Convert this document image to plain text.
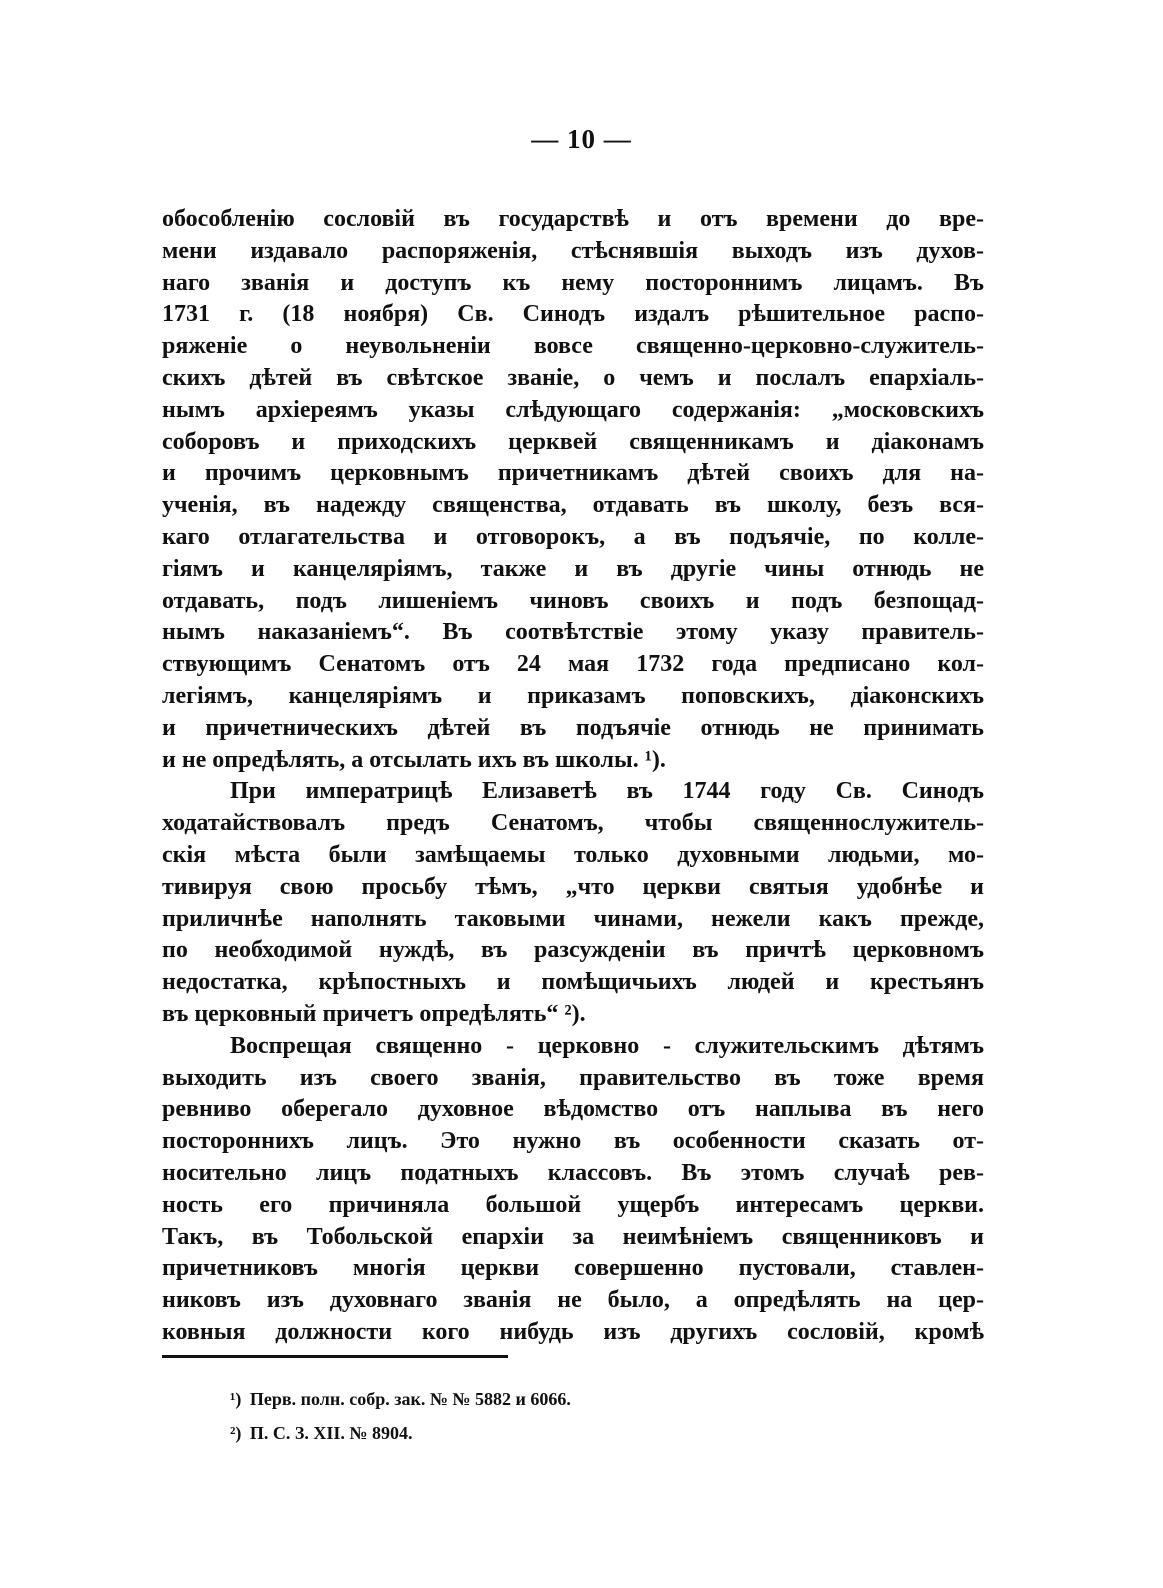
— 10 —
обособленію сословій въ государствѣ и отъ времени до вре-
мени издавало распоряженія, стѣснявшія выходъ изъ духов-
наго званія и доступъ къ нему постороннимъ лицамъ. Въ
1731 г. (18 ноября) Св. Синодъ издалъ рѣшительное распо-
ряженіе о неувольненіи вовсе священно-церковно-служитель-
скихъ дѣтей въ свѣтское званіе, о чемъ и послалъ епархіаль-
нымъ архіереямъ указы слѣдующаго содержанія: „московскихъ
соборовъ и приходскихъ церквей священникамъ и діаконамъ
и прочимъ церковнымъ причетникамъ дѣтей своихъ для на-
ученія, въ надежду священства, отдавать въ школу, безъ вся-
каго отлагательства и отговорокъ, а въ подъячіе, по колле-
гіямъ и канцеляріямъ, также и въ другіе чины отнюдь не
отдавать, подъ лишеніемъ чиновъ своихъ и подъ безпощад-
нымъ наказаніемъ“. Въ соотвѣтствіе этому указу правитель-
ствующимъ Сенатомъ отъ 24 мая 1732 года предписано кол-
легіямъ, канцеляріямъ и приказамъ поповскихъ, діаконскихъ
и причетническихъ дѣтей въ подъячіе отнюдь не принимать
и не опредѣлять, а отсылать ихъ въ школы. ¹).
При императрицѣ Елизаветѣ въ 1744 году Св. Синодъ
ходатайствовалъ предъ Сенатомъ, чтобы священнослужитель-
скія мѣста были замѣщаемы только духовными людьми, мо-
тивируя свою просьбу тѣмъ, „что церкви святыя удобнѣе и
приличнѣе наполнять таковыми чинами, нежели какъ прежде,
по необходимой нуждѣ, въ разсужденіи въ причтѣ церковномъ
недостатка, крѣпостныхъ и помѣщичьихъ людей и крестьянъ
въ церковный причетъ опредѣлять“ ²).
Воспрещая священно - церковно - служительскимъ дѣтямъ
выходить изъ своего званія, правительство въ тоже время
ревниво оберегало духовное вѣдомство отъ наплыва въ него
постороннихъ лицъ. Это нужно въ особенности сказать от-
носительно лицъ податныхъ классовъ. Въ этомъ случаѣ рев-
ность его причиняла большой ущербъ интересамъ церкви.
Такъ, въ Тобольской епархіи за неимѣніемъ священниковъ и
причетниковъ многія церкви совершенно пустовали, ставлен-
никовъ изъ духовнаго званія не было, а опредѣлять на цер-
ковныя должности кого нибудь изъ другихъ сословій, кромѣ
¹) Перв. полн. собр. зак. № № 5882 и 6066.
²) П. С. З. XII. № 8904.
